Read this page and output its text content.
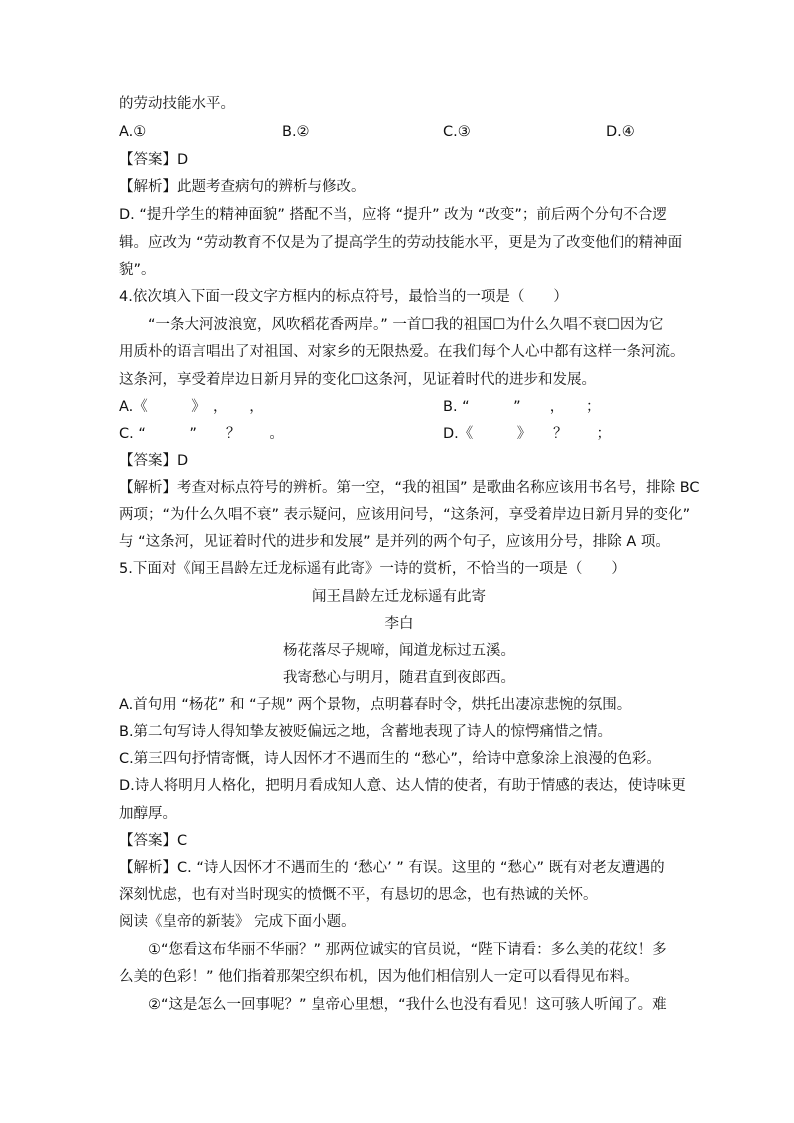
的劳动技能水平。
A.①	B.②	C.③	D.④
【答案】D
【解析】此题考查病句的辨析与修改。
D. “提升学生的精神面貌” 搭配不当，应将 “提升” 改为 “改变”；前后两个分句不合逻
辑。应改为 “劳动教育不仅是为了提高学生的劳动技能水平，更是为了改变他们的精神面
貌”。
4.依次填入下面一段文字方框内的标点符号，最恰当的一项是（　　）
“一条大河波浪宽，风吹稻花香两岸。” 一首☐我的祖国☐为什么久唱不衰☐因为它
用质朴的语言唱出了对祖国、对家乡的无限热爱。在我们每个人心中都有这样一条河流。
这条河，享受着岸边日新月异的变化☐这条河，见证着时代的进步和发展。
A.《　　　》　，　　，	B. “　　　”　　，　　；
C. “　　　”　　？　　。	D.《　　　》　　？　　；
【答案】D
【解析】考查对标点符号的辨析。第一空，“我的祖国” 是歌曲名称应该用书名号，排除 BC
两项；“为什么久唱不衰” 表示疑问，应该用问号，“这条河，享受着岸边日新月异的变化”
与 “这条河，见证着时代的进步和发展” 是并列的两个句子，应该用分号，排除 A 项。
5.下面对《闻王昌龄左迁龙标遥有此寄》一诗的赏析，不恰当的一项是（　　）
闻王昌龄左迁龙标遥有此寄
李白
杨花落尽子规啼，闻道龙标过五溪。
我寄愁心与明月，随君直到夜郎西。
A.首句用 “杨花” 和 “子规” 两个景物，点明暮春时令，烘托出凄凉悲惋的氛围。
B.第二句写诗人得知挚友被贬偏远之地，含蓄地表现了诗人的惊愕痛惜之情。
C.第三四句抒情寄慨，诗人因怀才不遇而生的 “愁心”，给诗中意象涂上浪漫的色彩。
D.诗人将明月人格化，把明月看成知人意、达人情的使者，有助于情感的表达，使诗味更
加醇厚。
【答案】C
【解析】C. “诗人因怀才不遇而生的 ‘愁心’ ” 有误。这里的 “愁心” 既有对老友遭遇的
深刻忧虑，也有对当时现实的愤慨不平，有恳切的思念，也有热诚的关怀。
阅读《皇帝的新装》 完成下面小题。
①“您看这布华丽不华丽？” 那两位诚实的官员说，“陛下请看：多么美的花纹！多
么美的色彩！” 他们指着那架空织布机，因为他们相信别人一定可以看得见布料。
②“这是怎么一回事呢？” 皇帝心里想，“我什么也没有看见！这可骇人听闻了。难
